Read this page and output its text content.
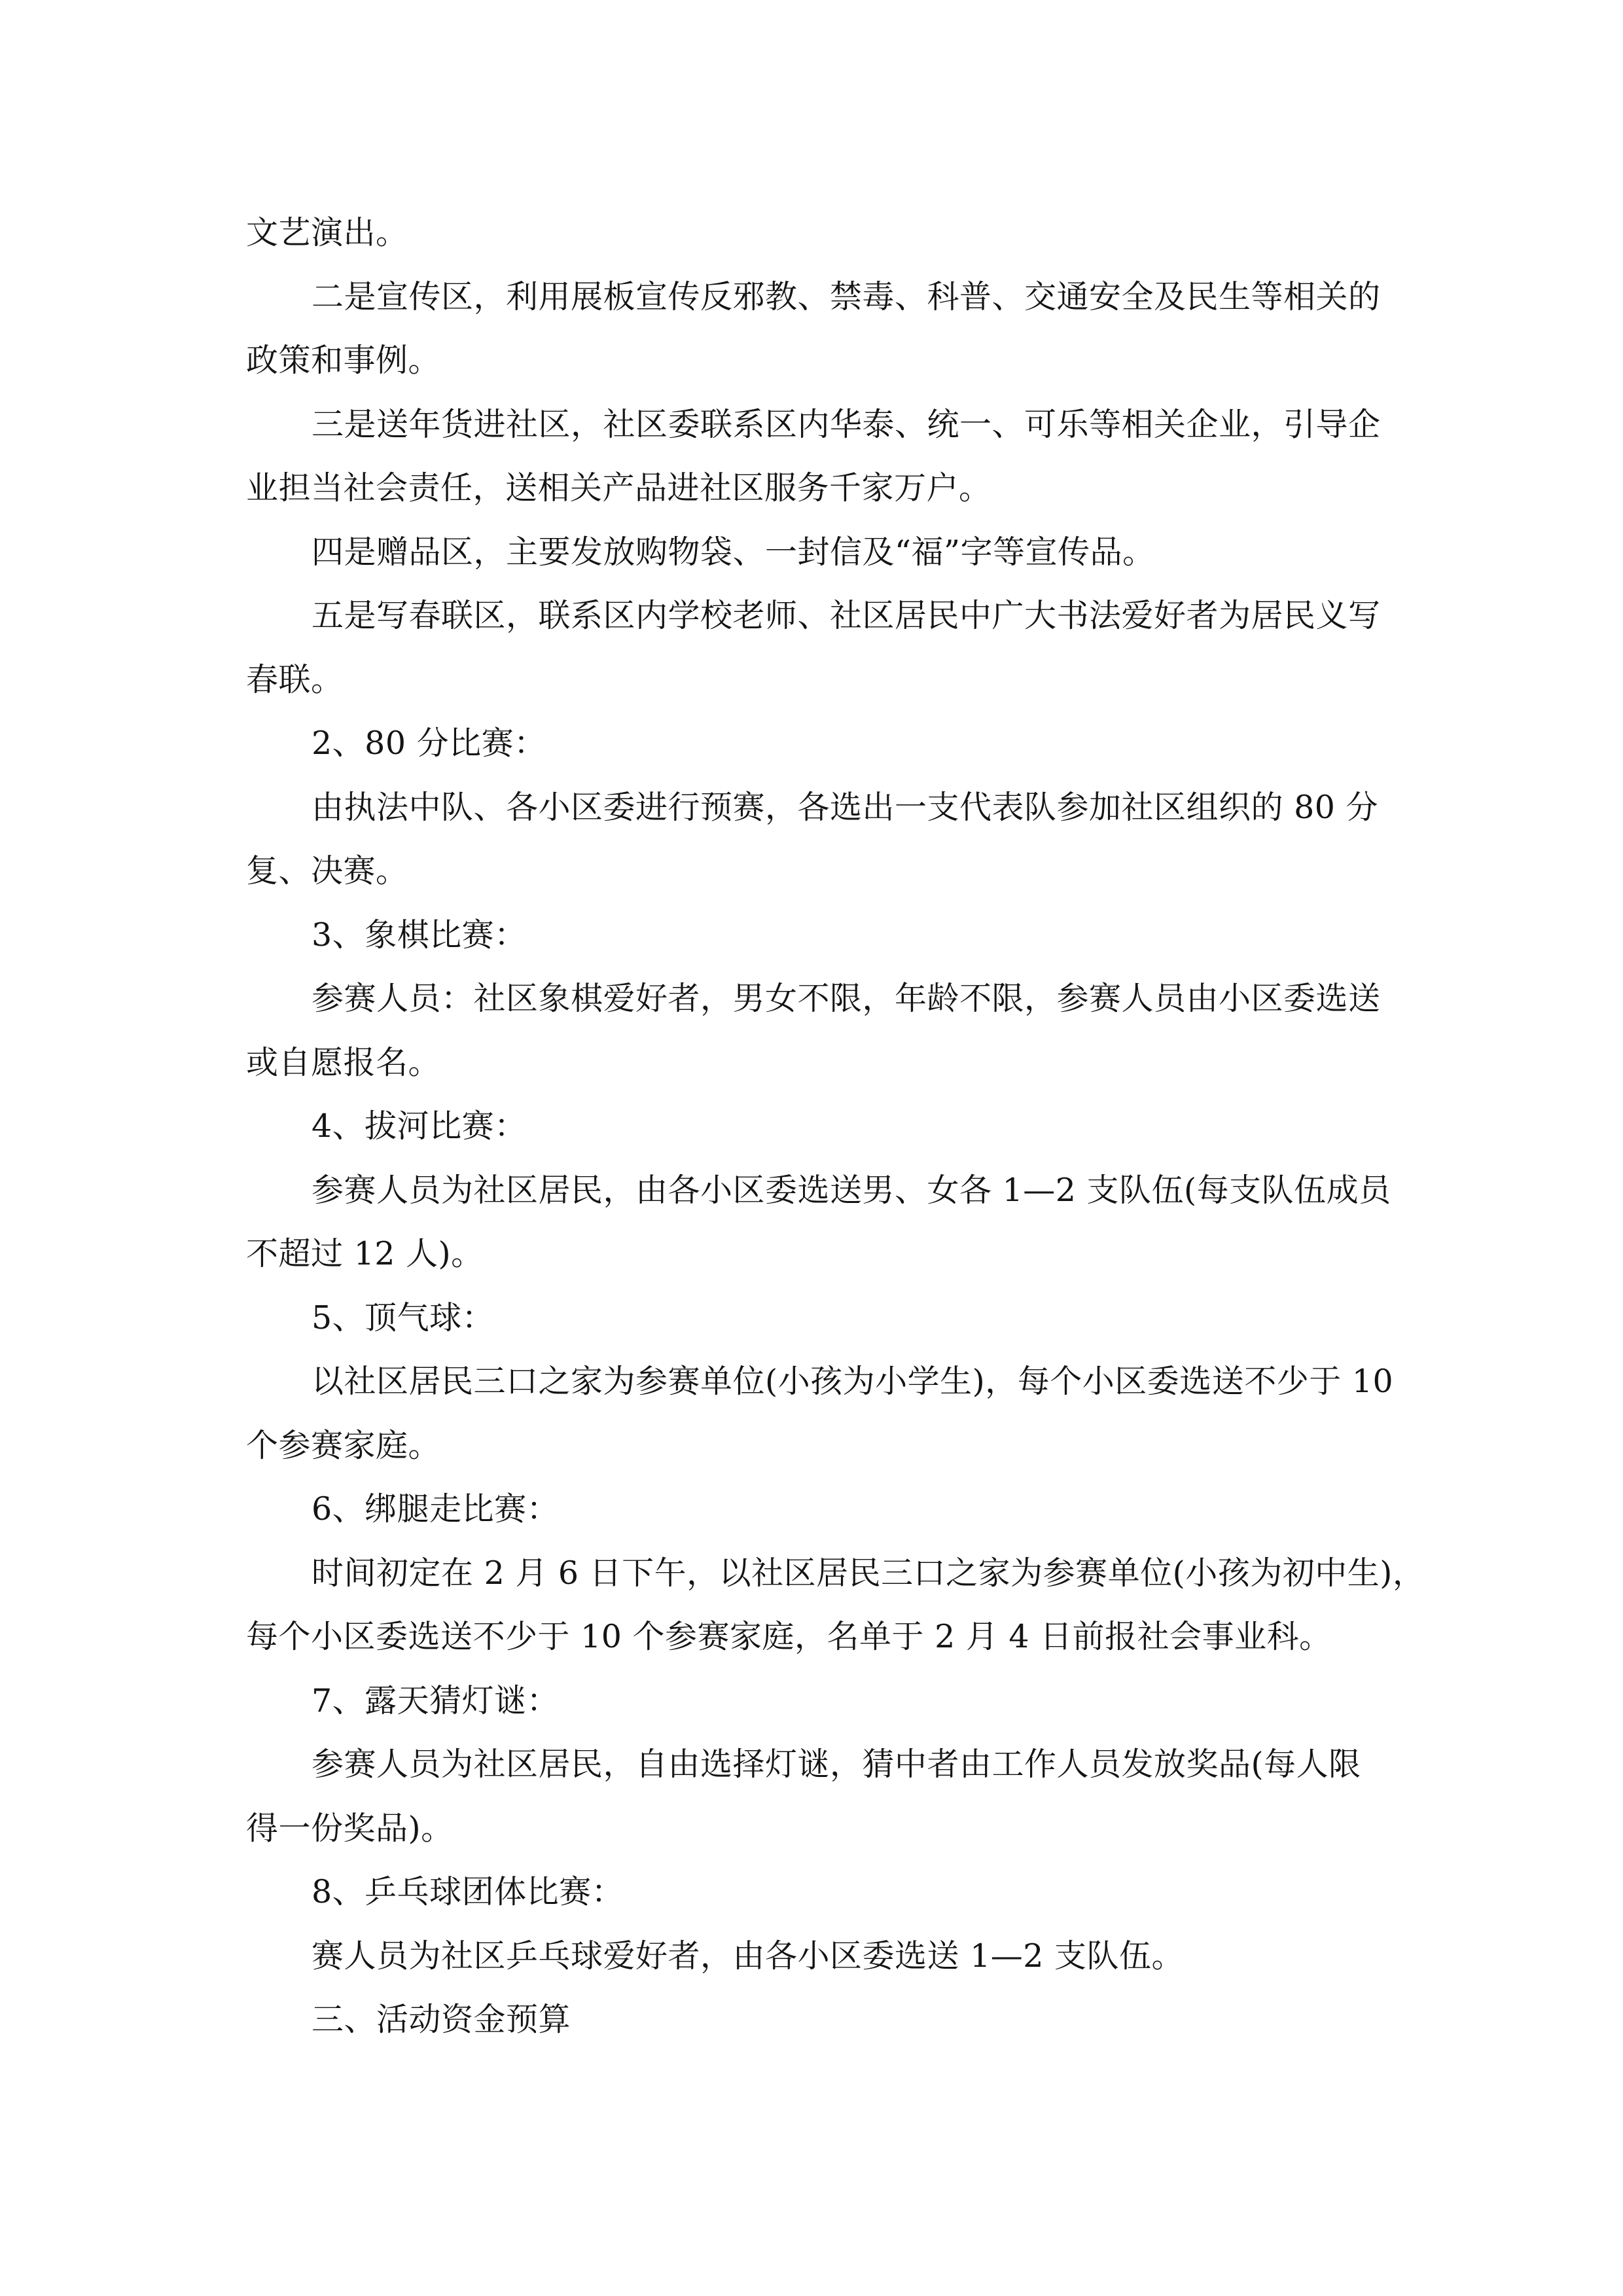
文艺演出。
二是宣传区，利用展板宣传反邪教、禁毒、科普、交通安全及民生等相关的
政策和事例。
三是送年货进社区，社区委联系区内华泰、统一、可乐等相关企业，引导企
业担当社会责任，送相关产品进社区服务千家万户。
四是赠品区，主要发放购物袋、一封信及“福”字等宣传品。
五是写春联区，联系区内学校老师、社区居民中广大书法爱好者为居民义写
春联。
2、80 分比赛：
由执法中队、各小区委进行预赛，各选出一支代表队参加社区组织的 80 分
复、决赛。
3、象棋比赛：
参赛人员：社区象棋爱好者，男女不限，年龄不限，参赛人员由小区委选送
或自愿报名。
4、拔河比赛：
参赛人员为社区居民，由各小区委选送男、女各 1—2 支队伍(每支队伍成员
不超过 12 人)。
5、顶气球：
以社区居民三口之家为参赛单位(小孩为小学生)，每个小区委选送不少于 10
个参赛家庭。
6、绑腿走比赛：
时间初定在 2 月 6 日下午，以社区居民三口之家为参赛单位(小孩为初中生)，
每个小区委选送不少于 10 个参赛家庭，名单于 2 月 4 日前报社会事业科。
7、露天猜灯谜：
参赛人员为社区居民，自由选择灯谜，猜中者由工作人员发放奖品(每人限
得一份奖品)。
8、乒乓球团体比赛：
赛人员为社区乒乓球爱好者，由各小区委选送 1—2 支队伍。
三、活动资金预算
